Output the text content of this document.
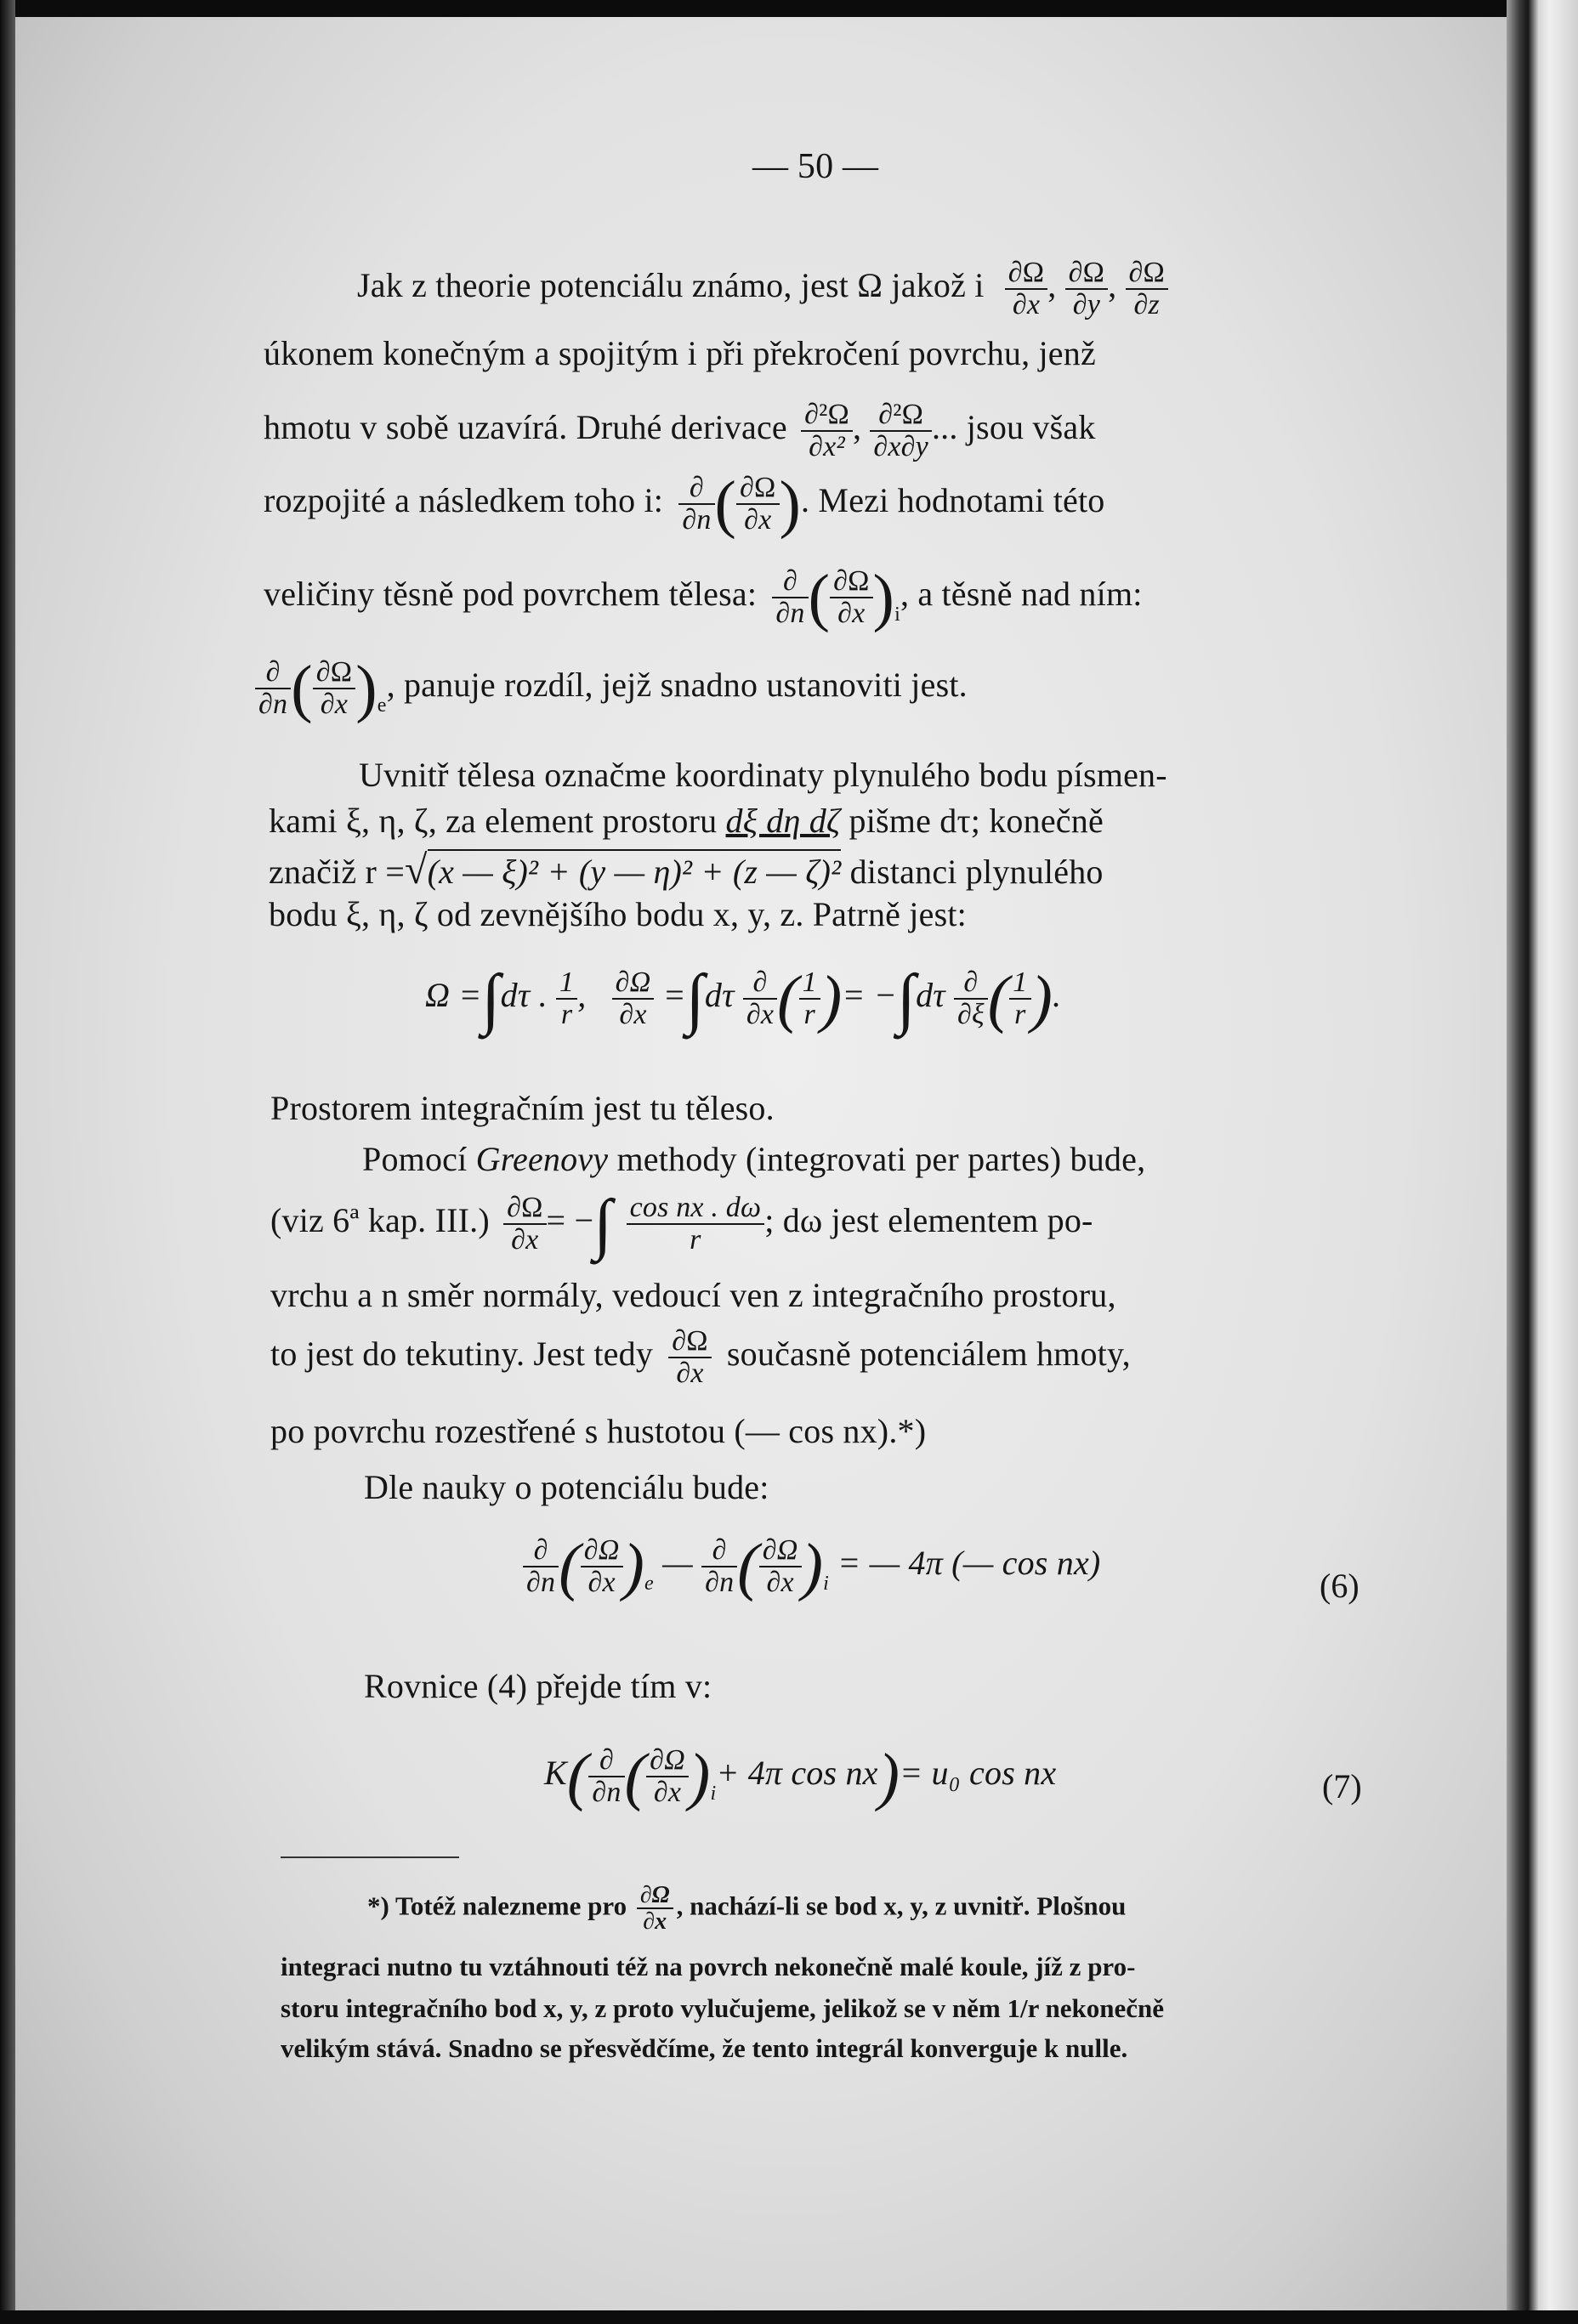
— 50 —
Jak z theorie potenciálu známo, jest Ω jakož i $\frac{\partial\Omega}{\partial x}$ , $\frac{\partial\Omega}{\partial y}$ , $\frac{\partial\Omega}{\partial z}$
úkonem konečným a spojitým i při překročení povrchu, jenž
hmotu v sobě uzavírá. Druhé derivace $\frac{\text{∂²Ω}}{\text{∂x²}}$ , $\frac{\text{∂²Ω}}{\partial x\partial y}$ ... jsou však
rozpojité a následkem toho i: $\frac{\partial}{\partial n}$ ( $\frac{\partial\Omega}{\partial x}$ ). Mezi hodnotami této
veličiny těsně pod povrchem tělesa: $\frac{\partial}{\partial n}$ ( $\frac{\partial\Omega}{\partial x} )_i$, a těsně nad ním:
$\frac{\partial}{\partial n}$ ( $\frac{\partial\Omega}{\partial x} )_e$, panuje rozdíl, jejž snadno ustanoviti jest.
Uvnitř tělesa označme koordinaty plynulého bodu písmen-
kami ξ, η, ζ, za element prostoru dξ dη dζ pišme dτ; konečně
značiž r =√(x — ξ)² + (y — η)² + (z — ζ)² distanci plynulého
bodu ξ, η, ζ od zevnějšího bodu x, y, z. Patrně jest:
Ω =∫dτ . $\frac{1}{r}$ , $\frac{\partial\Omega}{\partial x} =\int d\tau \frac{\partial}{\partial x}$ ( $\frac{1}{r}$ )= $-\int d\tau \frac{\partial}{\partial\xi}$ ( $\frac{1}{r}$ ).
Prostorem integračním jest tu těleso.
Pomocí Greenovy methody (integrovati per partes) bude,
(viz 6ª kap. $III.) \frac{\partial\Omega}{\partial x}$ = −∫ $\frac{\text{cos nx . dω}}{r}$ ; dω jest elementem po-
vrchu a n směr normály, vedoucí ven z integračního prostoru,
to jest do tekutiny. Jest tedy $\frac{\partial\Omega}{\partial x}$ současně potenciálem hmoty,
po povrchu rozestřené s hustotou (— cos nx).*)
Dle nauky o potenciálu bude:
$\frac{\partial}{\partial n}$ ( $\frac{\partial\Omega}{\partial x} )_e$ — $\frac{\partial}{\partial n}$ ( $\frac{\partial\Omega}{\partial x} )_i$ = — 4π (— cos nx)
(6)
Rovnice (4) přejde tím v:
$K( \frac{\partial}{\partial n}$ ( $\frac{\partial\Omega}{\partial x} )_i+ 4\pi$ cos nx)= u₀ cos nx	(7)
*) Totéž nalezneme pro $\frac{\partial\Omega}{\partial x}$ , nachází-li se bod x, y, z uvnitř. Plošnou
integraci nutno tu vztáhnouti též na povrch nekonečně malé koule, jíž z pro-
storu integračního bod x, y, z proto vylučujeme, jelikož se v něm 1/r nekonečně
velikým stává. Snadno se přesvědčíme, že tento integrál konverguje k nulle.
